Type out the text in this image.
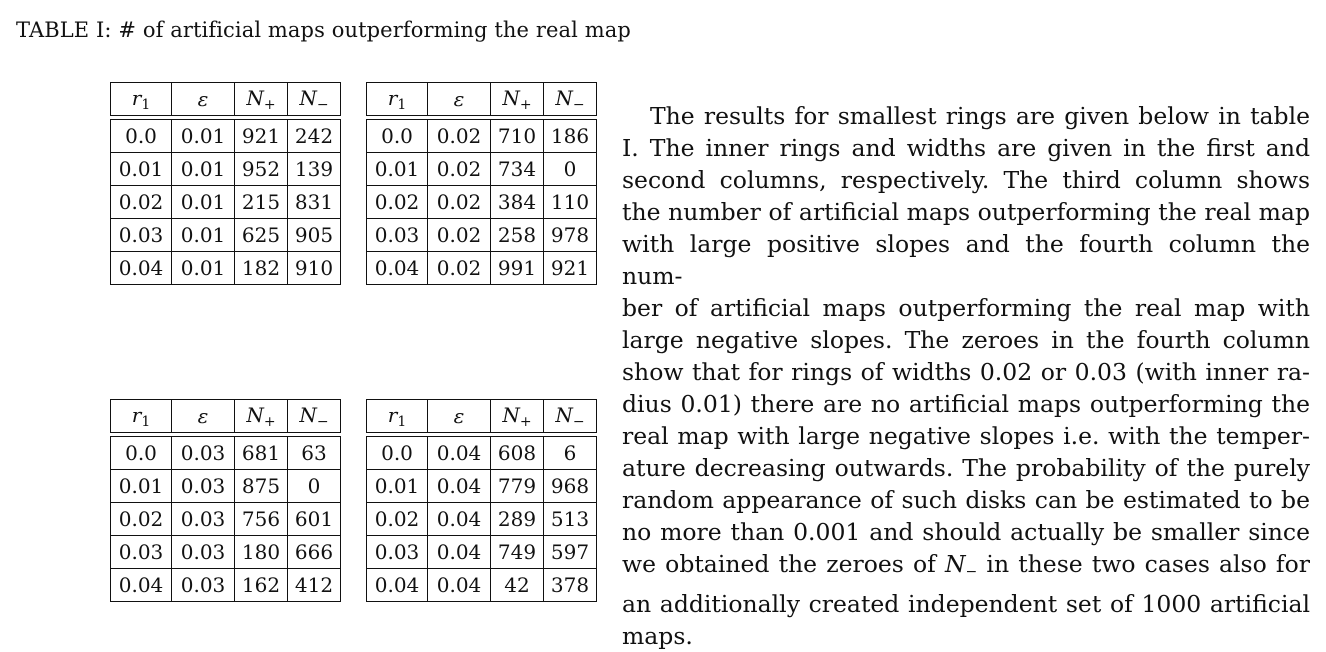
TABLE I: # of artificial maps outperforming the real map
$r_1$	ε	$N_+$	$N_-$

0.0	0.01	921	242
0.01	0.01	952	139
0.02	0.01	215	831
0.03	0.01	625	905
0.04	0.01	182	910
$r_1$	ε	$N_+$	$N_-$

0.0	0.02	710	186
0.01	0.02	734	0
0.02	0.02	384	110
0.03	0.02	258	978
0.04	0.02	991	921
$r_1$	ε	$N_+$	$N_-$

0.0	0.03	681	63
0.01	0.03	875	0
0.02	0.03	756	601
0.03	0.03	180	666
0.04	0.03	162	412
$r_1$	ε	$N_+$	$N_-$

0.0	0.04	608	6
0.01	0.04	779	968
0.02	0.04	289	513
0.03	0.04	749	597
0.04	0.04	42	378

The results for smallest rings are given below in table
I. The inner rings and widths are given in the first and
second columns, respectively. The third column shows
the number of artificial maps outperforming the real map
with large positive slopes and the fourth column the num-
ber of artificial maps outperforming the real map with
large negative slopes. The zeroes in the fourth column
show that for rings of widths 0.02 or 0.03 (with inner ra-
dius 0.01) there are no artificial maps outperforming the
real map with large negative slopes i.e. with the temper-
ature decreasing outwards. The probability of the purely
random appearance of such disks can be estimated to be
no more than 0.001 and should actually be smaller since
we obtained the zeroes of $N_-$ in these two cases also for
an additionally created independent set of 1000 artificial
maps.
